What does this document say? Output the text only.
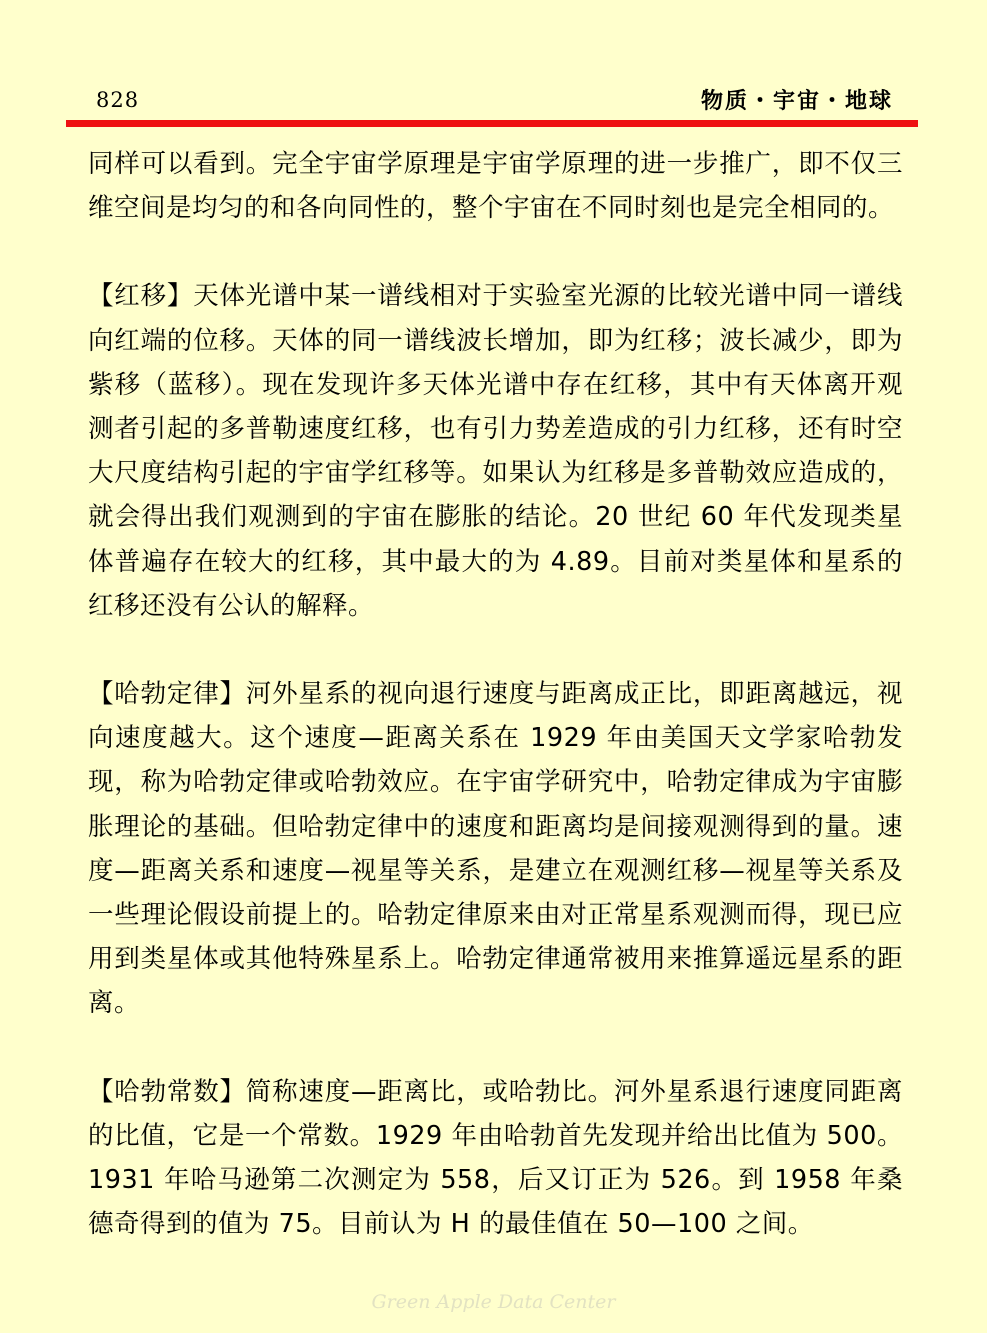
828	物质・宇宙・地球

同样可以看到。完全宇宙学原理是宇宙学原理的进一步推广，即不仅三维空间是均匀的和各向同性的，整个宇宙在不同时刻也是完全相同的。

【红移】天体光谱中某一谱线相对于实验室光源的比较光谱中同一谱线向红端的位移。天体的同一谱线波长增加，即为红移；波长减少，即为紫移（蓝移）。现在发现许多天体光谱中存在红移，其中有天体离开观测者引起的多普勒速度红移，也有引力势差造成的引力红移，还有时空大尺度结构引起的宇宙学红移等。如果认为红移是多普勒效应造成的，就会得出我们观测到的宇宙在膨胀的结论。20 世纪 60 年代发现类星体普遍存在较大的红移，其中最大的为 4.89。目前对类星体和星系的红移还没有公认的解释。

【哈勃定律】河外星系的视向退行速度与距离成正比，即距离越远，视向速度越大。这个速度—距离关系在 1929 年由美国天文学家哈勃发现，称为哈勃定律或哈勃效应。在宇宙学研究中，哈勃定律成为宇宙膨胀理论的基础。但哈勃定律中的速度和距离均是间接观测得到的量。速度—距离关系和速度—视星等关系，是建立在观测红移—视星等关系及一些理论假设前提上的。哈勃定律原来由对正常星系观测而得，现已应用到类星体或其他特殊星系上。哈勃定律通常被用来推算遥远星系的距离。

【哈勃常数】简称速度—距离比，或哈勃比。河外星系退行速度同距离的比值，它是一个常数。1929 年由哈勃首先发现并给出比值为 500。1931 年哈马逊第二次测定为 558，后又订正为 526。到 1958 年桑德奇得到的值为 75。目前认为 H 的最佳值在 50—100 之间。

Green Apple Data Center
